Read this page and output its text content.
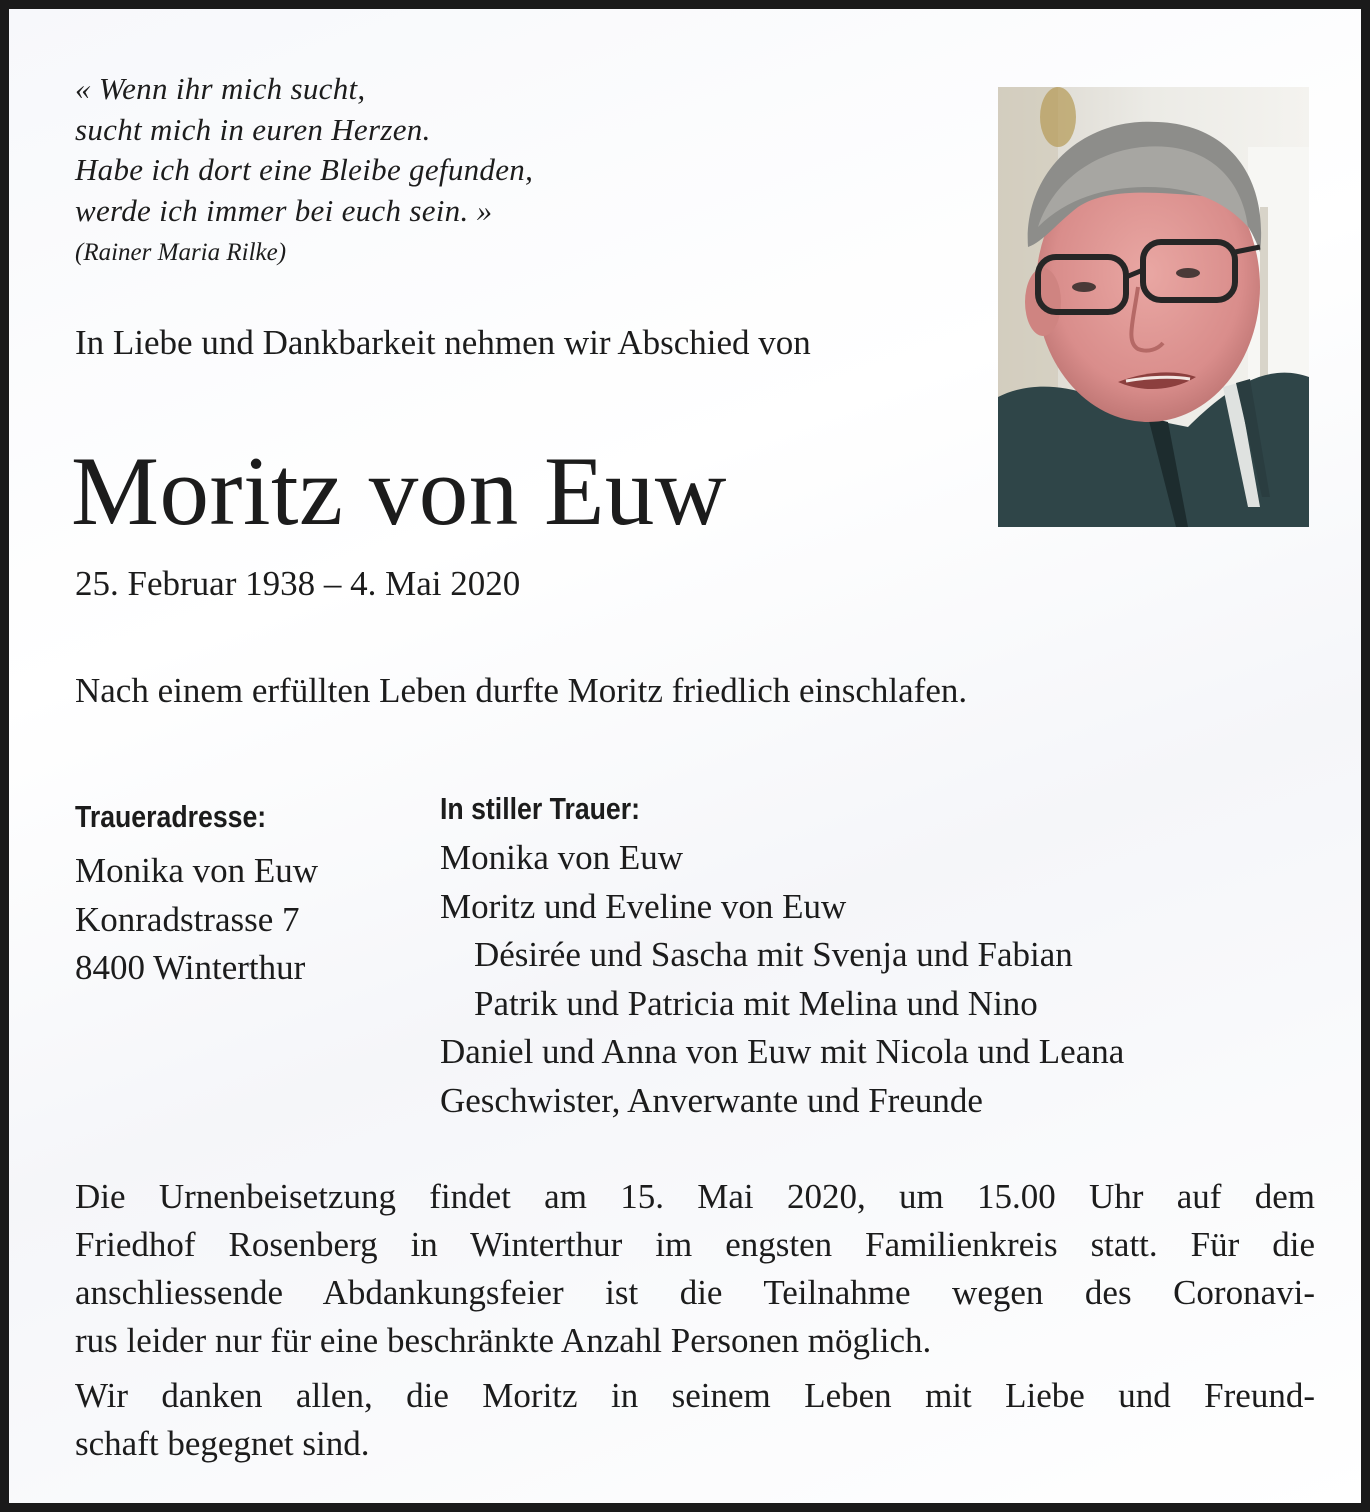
« Wenn ihr mich sucht,
sucht mich in euren Herzen.
Habe ich dort eine Bleibe gefunden,
werde ich immer bei euch sein. »

(Rainer Maria Rilke)

In Liebe und Dankbarkeit nehmen wir Abschied von

Moritz von Euw

25. Februar 1938 – 4. Mai 2020

Nach einem erfüllten Leben durfte Moritz friedlich einschlafen.

Traueradresse:
Monika von Euw
Konradstrasse 7
8400 Winterthur
In stiller Trauer:
Monika von Euw
Moritz und Eveline von Euw
Désirée und Sascha mit Svenja und Fabian
Patrik und Patricia mit Melina und Nino
Daniel und Anna von Euw mit Nicola und Leana
Geschwister, Anverwante und Freunde

Die Urnenbeisetzung findet am 15. Mai 2020, um 15.00 Uhr auf dem
Friedhof Rosenberg in Winterthur im engsten Familienkreis statt. Für die
anschliessende Abdankungsfeier ist die Teilnahme wegen des Coronavi-
rus leider nur für eine beschränkte Anzahl Personen möglich.

Wir danken allen, die Moritz in seinem Leben mit Liebe und Freund-
schaft begegnet sind.
